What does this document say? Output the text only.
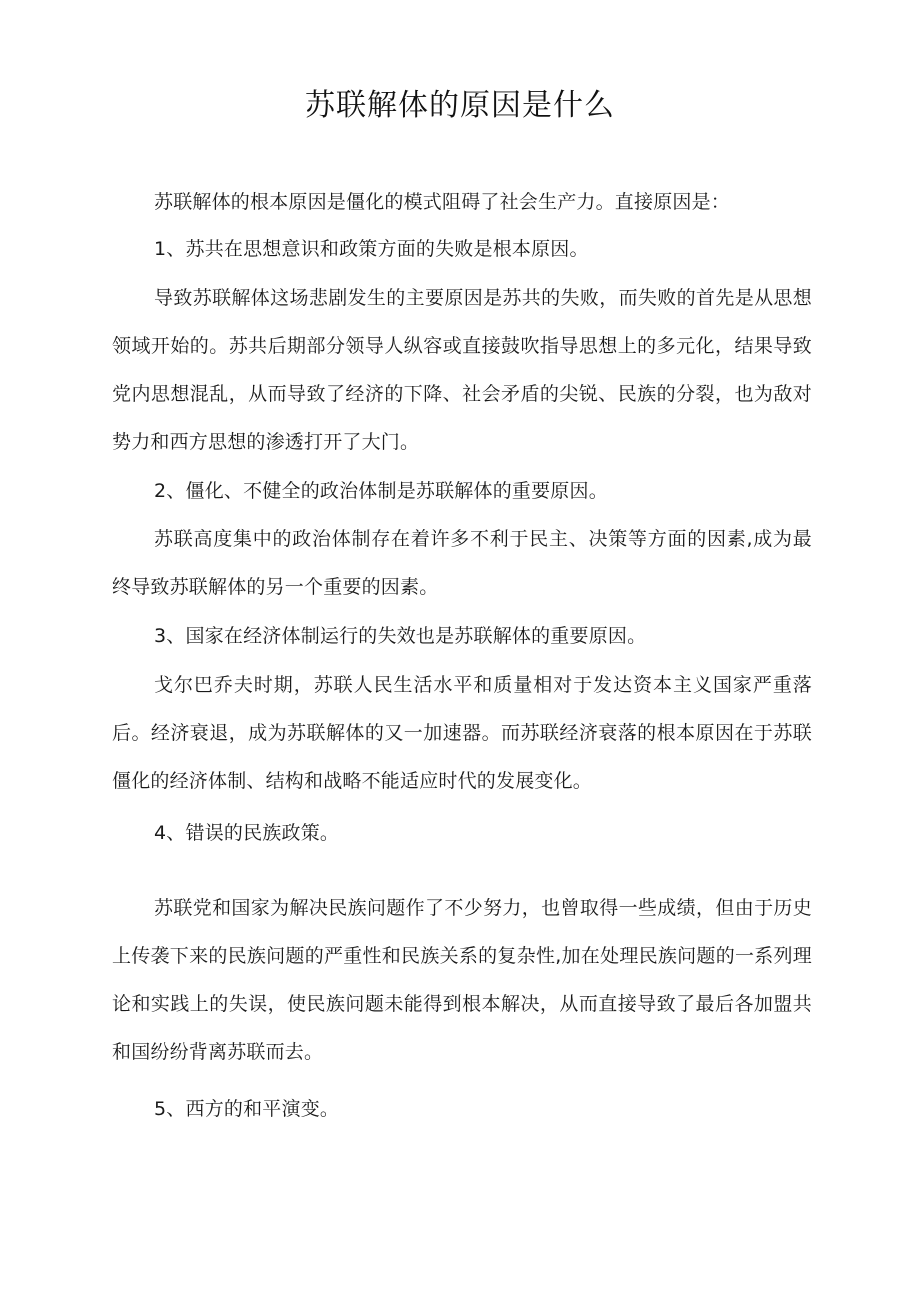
苏联解体的原因是什么

苏联解体的根本原因是僵化的模式阻碍了社会生产力。直接原因是：

1、苏共在思想意识和政策方面的失败是根本原因。

导致苏联解体这场悲剧发生的主要原因是苏共的失败，而失败的首先是从思想领域开始的。苏共后期部分领导人纵容或直接鼓吹指导思想上的多元化，结果导致党内思想混乱，从而导致了经济的下降、社会矛盾的尖锐、民族的分裂，也为敌对势力和西方思想的渗透打开了大门。

2、僵化、不健全的政治体制是苏联解体的重要原因。

苏联高度集中的政治体制存在着许多不利于民主、决策等方面的因素,成为最终导致苏联解体的另一个重要的因素。

3、国家在经济体制运行的失效也是苏联解体的重要原因。

戈尔巴乔夫时期，苏联人民生活水平和质量相对于发达资本主义国家严重落后。经济衰退，成为苏联解体的又一加速器。而苏联经济衰落的根本原因在于苏联僵化的经济体制、结构和战略不能适应时代的发展变化。

4、错误的民族政策。

苏联党和国家为解决民族问题作了不少努力，也曾取得一些成绩，但由于历史上传袭下来的民族问题的严重性和民族关系的复杂性,加在处理民族问题的一系列理论和实践上的失误，使民族问题未能得到根本解决，从而直接导致了最后各加盟共和国纷纷背离苏联而去。

5、西方的和平演变。
